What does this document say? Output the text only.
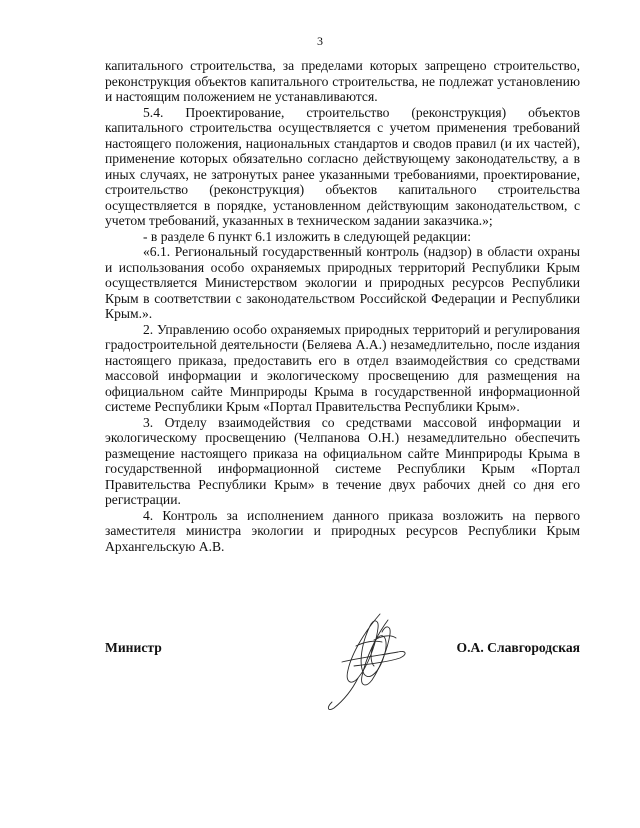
3

капитального строительства, за пределами которых запрещено строительство, реконструкция объектов капитального строительства, не подлежат установлению и настоящим положением не устанавливаются.

5.4. Проектирование, строительство (реконструкция) объектов капитального строительства осуществляется с учетом применения требований настоящего положения, национальных стандартов и сводов правил (и их частей), применение которых обязательно согласно действующему законодательству, а в иных случаях, не затронутых ранее указанными требованиями, проектирование, строительство (реконструкция) объектов капитального строительства осуществляется в порядке, установленном действующим законодательством, с учетом требований, указанных в техническом задании заказчика.»;

- в разделе 6 пункт 6.1 изложить в следующей редакции:

«6.1. Региональный государственный контроль (надзор) в области охраны и использования особо охраняемых природных территорий Республики Крым осуществляется Министерством экологии и природных ресурсов Республики Крым в соответствии с законодательством Российской Федерации и Республики Крым.».

2. Управлению особо охраняемых природных территорий и регулирования градостроительной деятельности (Беляева А.А.) незамедлительно, после издания настоящего приказа, предоставить его в отдел взаимодействия со средствами массовой информации и экологическому просвещению для размещения на официальном сайте Минприроды Крыма в государственной информационной системе Республики Крым «Портал Правительства Республики Крым».

3. Отделу взаимодействия со средствами массовой информации и экологическому просвещению (Челпанова О.Н.) незамедлительно обеспечить размещение настоящего приказа на официальном сайте Минприроды Крыма в государственной информационной системе Республики Крым «Портал Правительства Республики Крым» в течение двух рабочих дней со дня его регистрации.

4. Контроль за исполнением данного приказа возложить на первого заместителя министра экологии и природных ресурсов Республики Крым Архангельскую А.В.

Министр	О.А. Славгородская
